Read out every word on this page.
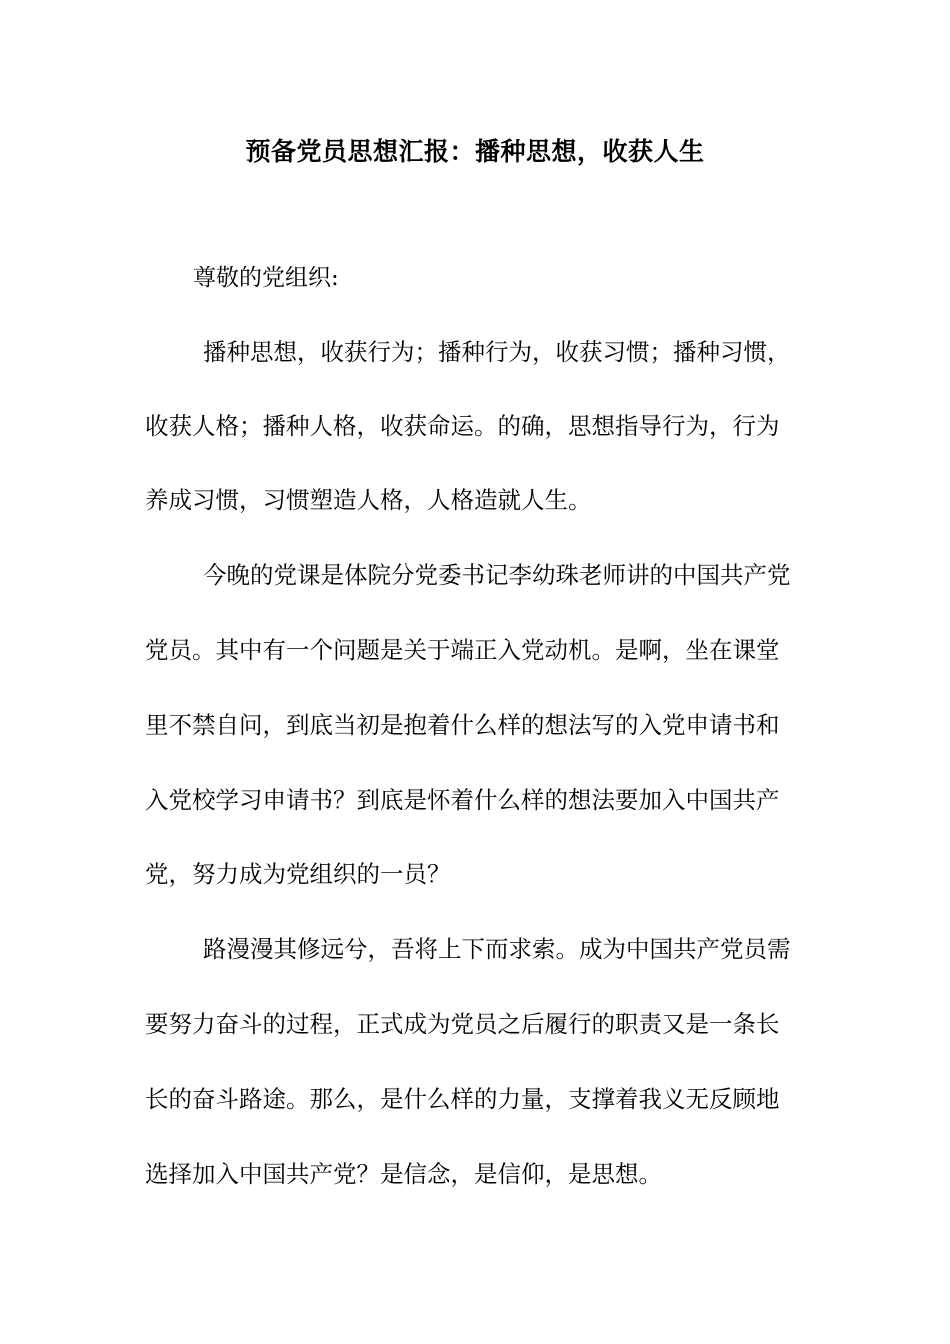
预备党员思想汇报：播种思想，收获人生
尊敬的党组织:
播种思想，收获行为；播种行为，收获习惯；播种习惯，
收获人格；播种人格，收获命运。的确，思想指导行为，行为
养成习惯，习惯塑造人格，人格造就人生。
今晚的党课是体院分党委书记李幼珠老师讲的中国共产党
党员。其中有一个问题是关于端正入党动机。是啊，坐在课堂
里不禁自问，到底当初是抱着什么样的想法写的入党申请书和
入党校学习申请书？到底是怀着什么样的想法要加入中国共产
党，努力成为党组织的一员？
路漫漫其修远兮，吾将上下而求索。成为中国共产党员需
要努力奋斗的过程，正式成为党员之后履行的职责又是一条长
长的奋斗路途。那么，是什么样的力量，支撑着我义无反顾地
选择加入中国共产党？是信念，是信仰，是思想。
